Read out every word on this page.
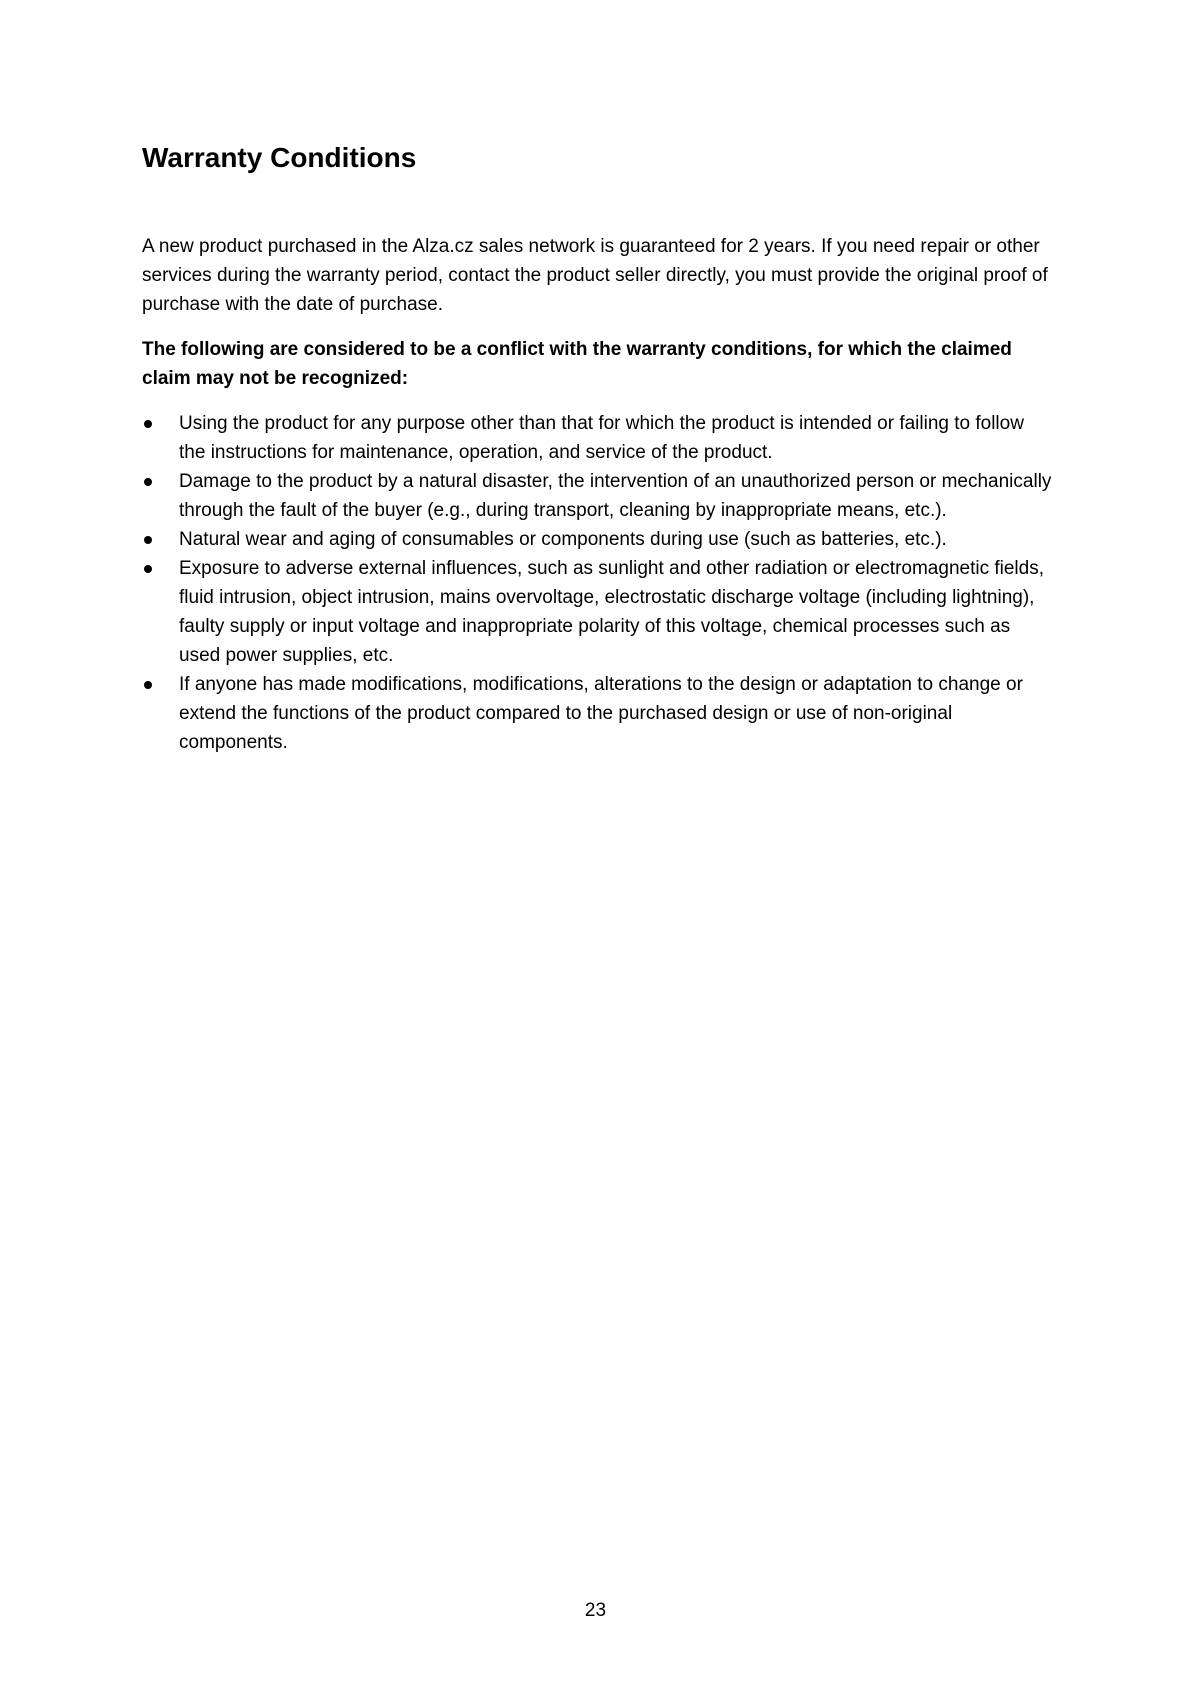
Warranty Conditions

A new product purchased in the Alza.cz sales network is guaranteed for 2 years. If you need repair or other services during the warranty period, contact the product seller directly, you must provide the original proof of purchase with the date of purchase.

The following are considered to be a conflict with the warranty conditions, for which the claimed claim may not be recognized:

Using the product for any purpose other than that for which the product is intended or failing to follow the instructions for maintenance, operation, and service of the product.
Damage to the product by a natural disaster, the intervention of an unauthorized person or mechanically through the fault of the buyer (e.g., during transport, cleaning by inappropriate means, etc.).
Natural wear and aging of consumables or components during use (such as batteries, etc.).
Exposure to adverse external influences, such as sunlight and other radiation or electromagnetic fields, fluid intrusion, object intrusion, mains overvoltage, electrostatic discharge voltage (including lightning), faulty supply or input voltage and inappropriate polarity of this voltage, chemical processes such as used power supplies, etc.
If anyone has made modifications, modifications, alterations to the design or adaptation to change or extend the functions of the product compared to the purchased design or use of non-original components.
23
